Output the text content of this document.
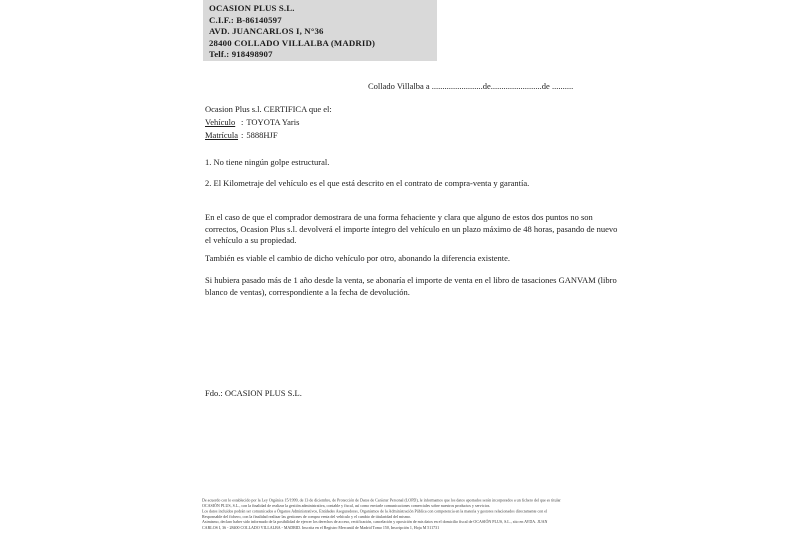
OCASION PLUS S.L.
C.I.F.: B-86140597
AVD. JUANCARLOS I, N°36
28400 COLLADO VILLALBA (MADRID)
Telf.: 918498907
Collado Villalba a ........................de........................de ..........
Ocasion Plus s.l. CERTIFICA que el:
Vehículo : TOYOTA Yaris
Matrícula : 5888HJF
1. No tiene ningún golpe estructural.
2. El Kilometraje del vehículo es el que está descrito en el contrato de compra-venta y garantía.
En el caso de que el comprador demostrara de una forma fehaciente y clara que alguno de estos dos puntos no son correctos, Ocasion Plus s.l. devolverá el importe íntegro del vehículo en un plazo máximo de 48 horas, pasando de nuevo el vehículo a su propiedad.
También es viable el cambio de dicho vehículo por otro, abonando la diferencia existente.
Si hubiera pasado más de 1 año desde la venta, se abonaría el importe de venta en el libro de tasaciones GANVAM (libro blanco de ventas), correspondiente a la fecha de devolución.
Fdo.: OCASION PLUS S.L.
De acuerdo con lo establecido por la Ley Orgánica 15/1999, de 13 de diciembre, de Protección de Datos de Carácter Personal (LOPD), le informamos que los datos aportados serán incorporados a un fichero del que es titular
OCASIÓN PLUS, S.L., con la finalidad de realizar la gestión administrativa, contable y fiscal, así como enviarle comunicaciones comerciales sobre nuestros productos y servicios.
Los datos incluidos podrán ser comunicados a Órganos Administrativos, Entidades Aseguradoras, Organismos de la Administración Pública con competencia en la materia y gestores relacionados directamente con el
Responsable del fichero, con la finalidad realizar las gestiones de compra venta del vehículo y el cambio de titularidad del mismo.
Asimismo, declaro haber sido informado de la posibilidad de ejercer los derechos de acceso, rectificación, cancelación y oposición de mis datos en el domicilio fiscal de OCASIÓN PLUS, S.L., sito en AVDA. JUAN
CARLOS I, 36 - 28400 COLLADO VILLALBA - MADRID. Inscrita en el Registro Mercantil de Madrid Tomo 150, Inscripción 1, Hoja M 511731
